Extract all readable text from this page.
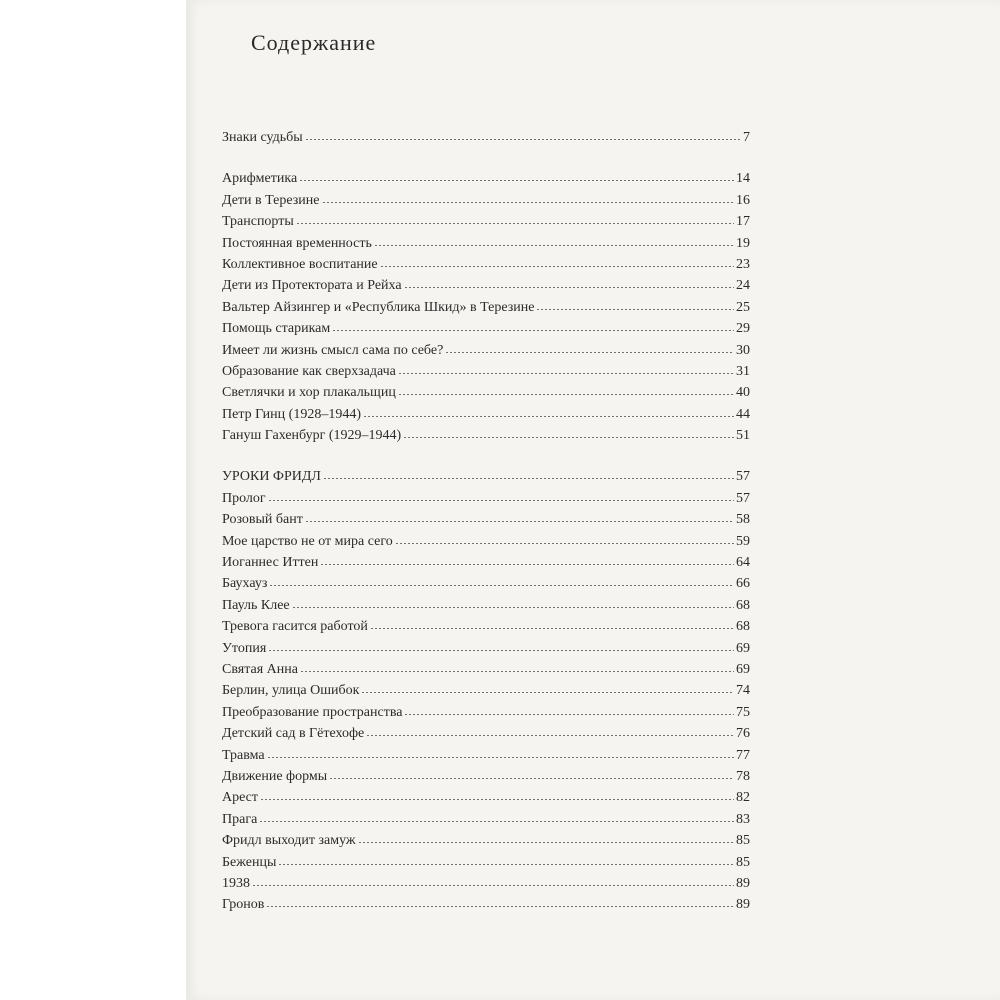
Содержание
Знаки судьбы	7
Арифметика	14
Дети в Терезине	16
Транспорты	17
Постоянная временность	19
Коллективное воспитание	23
Дети из Протектората и Рейха	24
Вальтер Айзингер и «Республика Шкид» в Терезине	25
Помощь старикам	29
Имеет ли жизнь смысл сама по себе?	30
Образование как сверхзадача	31
Светлячки и хор плакальщиц	40
Петр Гинц (1928–1944)	44
Гануш Гахенбург (1929–1944)	51
УРОКИ ФРИДЛ	57
Пролог	57
Розовый бант	58
Мое царство не от мира сего	59
Иоганнес Иттен	64
Баухауз	66
Пауль Клее	68
Тревога гасится работой	68
Утопия	69
Святая Анна	69
Берлин, улица Ошибок	74
Преобразование пространства	75
Детский сад в Гётехофе	76
Травма	77
Движение формы	78
Арест	82
Прага	83
Фридл выходит замуж	85
Беженцы	85
1938	89
Гронов	89
